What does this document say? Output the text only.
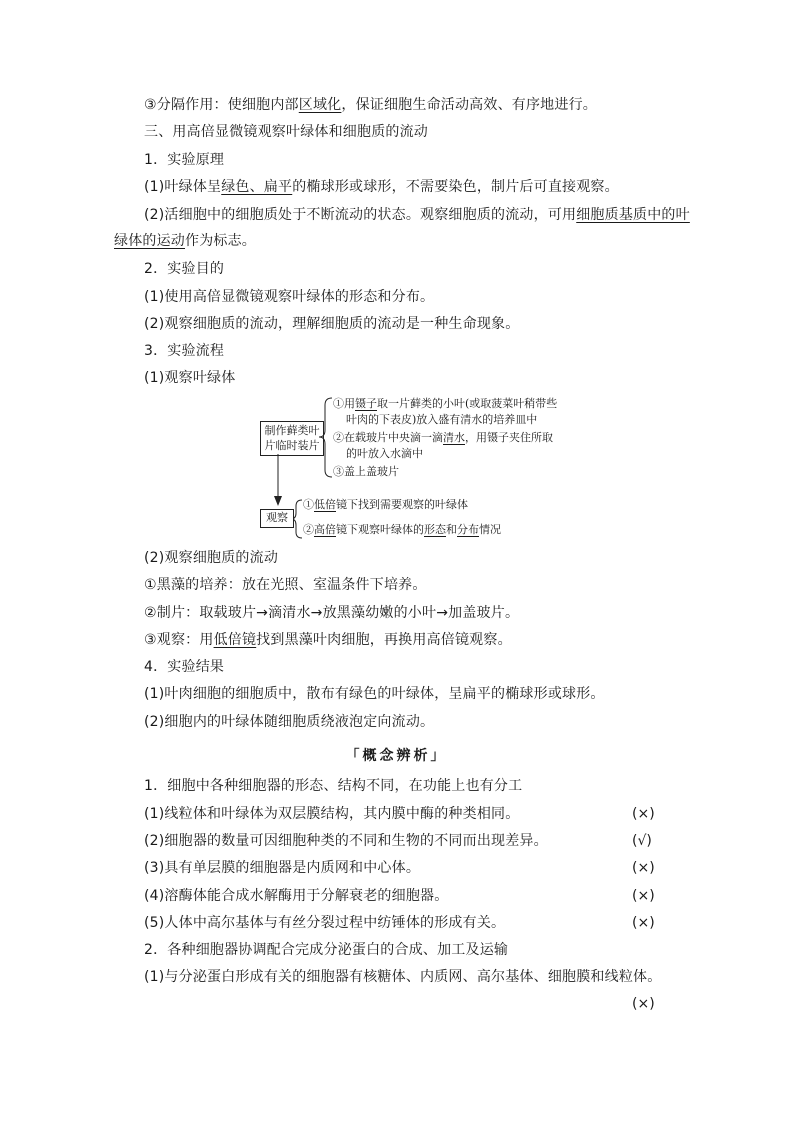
③分隔作用：使细胞内部区域化，保证细胞生命活动高效、有序地进行。
三、用高倍显微镜观察叶绿体和细胞质的流动
1．实验原理
(1)叶绿体呈绿色、扁平的椭球形或球形，不需要染色，制片后可直接观察。
(2)活细胞中的细胞质处于不断流动的状态。观察细胞质的流动，可用细胞质基质中的叶
绿体的运动作为标志。
2．实验目的
(1)使用高倍显微镜观察叶绿体的形态和分布。
(2)观察细胞质的流动，理解细胞质的流动是一种生命现象。
3．实验流程
(1)观察叶绿体
制作藓类叶
片临时装片
①用镊子取一片藓类的小叶(或取菠菜叶稍带些
叶肉的下表皮)放入盛有清水的培养皿中
②在载玻片中央滴一滴清水，用镊子夹住所取
的叶放入水滴中
③盖上盖玻片
观察
①低倍镜下找到需要观察的叶绿体
②高倍镜下观察叶绿体的形态和分布情况
(2)观察细胞质的流动
①黑藻的培养：放在光照、室温条件下培养。
②制片：取载玻片→滴清水→放黑藻幼嫩的小叶→加盖玻片。
③观察：用低倍镜找到黑藻叶肉细胞，再换用高倍镜观察。
4．实验结果
(1)叶肉细胞的细胞质中，散布有绿色的叶绿体，呈扁平的椭球形或球形。
(2)细胞内的叶绿体随细胞质绕液泡定向流动。
「概念辨析」
1．细胞中各种细胞器的形态、结构不同，在功能上也有分工
(1)线粒体和叶绿体为双层膜结构，其内膜中酶的种类相同。	(×)
(2)细胞器的数量可因细胞种类的不同和生物的不同而出现差异。	(√)
(3)具有单层膜的细胞器是内质网和中心体。	(×)
(4)溶酶体能合成水解酶用于分解衰老的细胞器。	(×)
(5)人体中高尔基体与有丝分裂过程中纺锤体的形成有关。	(×)
2．各种细胞器协调配合完成分泌蛋白的合成、加工及运输
(1)与分泌蛋白形成有关的细胞器有核糖体、内质网、高尔基体、细胞膜和线粒体。
(×)
